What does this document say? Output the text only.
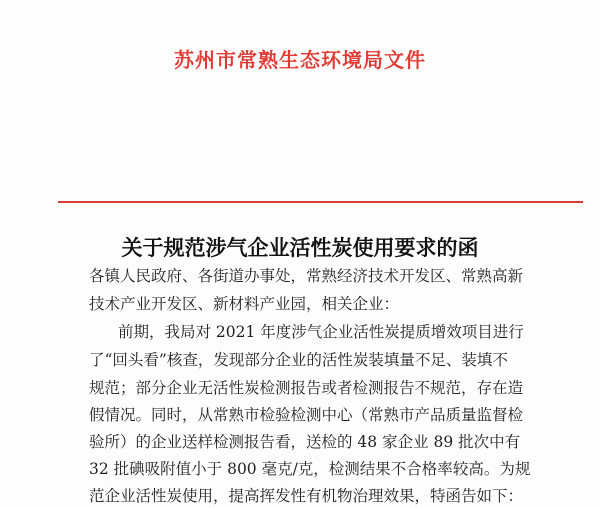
苏州市常熟生态环境局文件
关于规范涉气企业活性炭使用要求的函
各镇人民政府、各街道办事处，常熟经济技术开发区、常熟高新
技术产业开发区、新材料产业园，相关企业：
前期，我局对 2021 年度涉气企业活性炭提质增效项目进行
了“回头看”核查，发现部分企业的活性炭装填量不足、装填不
规范；部分企业无活性炭检测报告或者检测报告不规范，存在造
假情况。同时，从常熟市检验检测中心（常熟市产品质量监督检
验所）的企业送样检测报告看，送检的 48 家企业 89 批次中有
32 批碘吸附值小于 800 毫克/克，检测结果不合格率较高。为规
范企业活性炭使用，提高挥发性有机物治理效果，特函告如下：
